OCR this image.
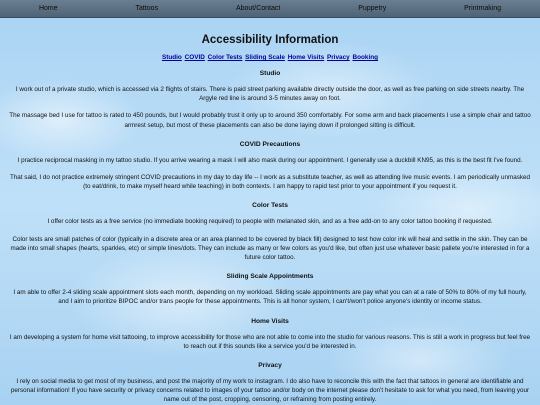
Home	Tattoos	About/Contact	Puppetry	Printmaking
Accessibility Information
Studio COVID Color Tests Sliding Scale Home Visits Privacy Booking
Studio

I work out of a private studio, which is accessed via 2 flights of stairs. There is paid street parking available directly outside the door, as well as free parking on side streets nearby. The Argyle red line is around 3-5 minutes away on foot.

The massage bed I use for tattoo is rated to 450 pounds, but I would probably trust it only up to around 350 comfortably. For some arm and back placements I use a simple chair and tattoo armrest setup, but most of these placements can also be done laying down if prolonged sitting is difficult.

COVID Precautions

I practice reciprocal masking in my tattoo studio. If you arrive wearing a mask I will also mask during our appointment. I generally use a duckbill KN95, as this is the best fit I've found.

That said, I do not practice extremely stringent COVID precautions in my day to day life -- I work as a substitute teacher, as well as attending live music events. I am periodically unmasked (to eat/drink, to make myself heard while teaching) in both contexts. I am happy to rapid test prior to your appointment if you request it.

Color Tests

I offer color tests as a free service (no immediate booking required) to people with melanated skin, and as a free add-on to any color tattoo booking if requested.

Color tests are small patches of color (typically in a discrete area or an area planned to be covered by black fill) designed to test how color ink will heal and settle in the skin. They can be made into small shapes (hearts, sparkles, etc) or simple lines/dots. They can include as many or few colors as you'd like, but often just use whatever basic pallete you're interested in for a future color tattoo.

Sliding Scale Appointments

I am able to offer 2-4 sliding scale appointment slots each month, depending on my workload. Sliding scale appointments are pay what you can at a rate of 50% to 80% of my full hourly, and I aim to prioritize BIPOC and/or trans people for these appointments. This is all honor system, I can't/won't police anyone's identity or income status.

Home Visits

I am developing a system for home visit tattooing, to improve accessibility for those who are not able to come into the studio for various reasons. This is still a work in progress but feel free to reach out if this sounds like a service you'd be interested in.

Privacy

I rely on social media to get most of my business, and post the majority of my work to instagram. I do also have to reconcile this with the fact that tattoos in general are identifiable and personal information! If you have security or privacy concerns related to images of your tattoo and/or body on the internet please don't hesitate to ask for what you need, from leaving your name out of the post, cropping, censoring, or refraining from posting entirely.
